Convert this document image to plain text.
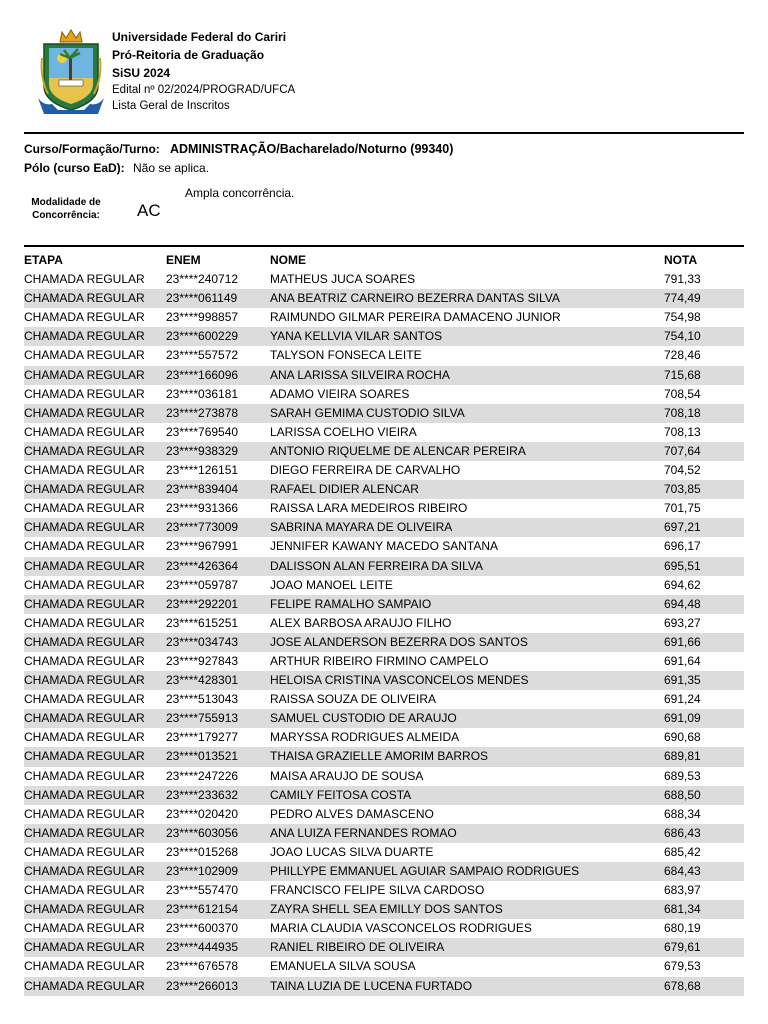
Universidade Federal do Cariri
Pró-Reitoria de Graduação
SiSU 2024
Edital nº 02/2024/PROGRAD/UFCA
Lista Geral de Inscritos
Curso/Formação/Turno: ADMINISTRAÇÃO/Bacharelado/Noturno (99340)
Pólo (curso EaD): Não se aplica.
Modalidade de Concorrência:	AC
Ampla concorrência.
ETAPA	ENEM	NOME	NOTA
CHAMADA REGULAR 23****240712	MATHEUS JUCA SOARES	791,33
CHAMADA REGULAR 23****061149	ANA BEATRIZ CARNEIRO BEZERRA DANTAS SILVA	774,49
CHAMADA REGULAR 23****998857	RAIMUNDO GILMAR PEREIRA DAMACENO JUNIOR	754,98
CHAMADA REGULAR 23****600229	YANA KELLVIA VILAR SANTOS	754,10
CHAMADA REGULAR 23****557572	TALYSON FONSECA LEITE	728,46
CHAMADA REGULAR 23****166096	ANA LARISSA SILVEIRA ROCHA	715,68
CHAMADA REGULAR 23****036181	ADAMO VIEIRA SOARES	708,54
CHAMADA REGULAR 23****273878	SARAH GEMIMA CUSTODIO SILVA	708,18
CHAMADA REGULAR 23****769540	LARISSA COELHO VIEIRA	708,13
CHAMADA REGULAR 23****938329	ANTONIO RIQUELME DE ALENCAR PEREIRA	707,64
CHAMADA REGULAR 23****126151	DIEGO FERREIRA DE CARVALHO	704,52
CHAMADA REGULAR 23****839404	RAFAEL DIDIER ALENCAR	703,85
CHAMADA REGULAR 23****931366	RAISSA LARA MEDEIROS RIBEIRO	701,75
CHAMADA REGULAR 23****773009	SABRINA MAYARA DE OLIVEIRA	697,21
CHAMADA REGULAR 23****967991	JENNIFER KAWANY MACEDO SANTANA	696,17
CHAMADA REGULAR 23****426364	DALISSON ALAN FERREIRA DA SILVA	695,51
CHAMADA REGULAR 23****059787	JOAO MANOEL LEITE	694,62
CHAMADA REGULAR 23****292201	FELIPE RAMALHO SAMPAIO	694,48
CHAMADA REGULAR 23****615251	ALEX BARBOSA ARAUJO FILHO	693,27
CHAMADA REGULAR 23****034743	JOSE ALANDERSON BEZERRA DOS SANTOS	691,66
CHAMADA REGULAR 23****927843	ARTHUR RIBEIRO FIRMINO CAMPELO	691,64
CHAMADA REGULAR 23****428301	HELOISA CRISTINA VASCONCELOS MENDES	691,35
CHAMADA REGULAR 23****513043	RAISSA SOUZA DE OLIVEIRA	691,24
CHAMADA REGULAR 23****755913	SAMUEL CUSTODIO DE ARAUJO	691,09
CHAMADA REGULAR 23****179277	MARYSSA RODRIGUES ALMEIDA	690,68
CHAMADA REGULAR 23****013521	THAISA GRAZIELLE AMORIM BARROS	689,81
CHAMADA REGULAR 23****247226	MAISA ARAUJO DE SOUSA	689,53
CHAMADA REGULAR 23****233632	CAMILY FEITOSA COSTA	688,50
CHAMADA REGULAR 23****020420	PEDRO ALVES DAMASCENO	688,34
CHAMADA REGULAR 23****603056	ANA LUIZA FERNANDES ROMAO	686,43
CHAMADA REGULAR 23****015268	JOAO LUCAS SILVA DUARTE	685,42
CHAMADA REGULAR 23****102909	PHILLYPE EMMANUEL AGUIAR SAMPAIO RODRIGUES	684,43
CHAMADA REGULAR 23****557470	FRANCISCO FELIPE SILVA CARDOSO	683,97
CHAMADA REGULAR 23****612154	ZAYRA SHELL SEA EMILLY DOS SANTOS	681,34
CHAMADA REGULAR 23****600370	MARIA CLAUDIA VASCONCELOS RODRIGUES	680,19
CHAMADA REGULAR 23****444935	RANIEL RIBEIRO DE OLIVEIRA	679,61
CHAMADA REGULAR 23****676578	EMANUELA SILVA SOUSA	679,53
CHAMADA REGULAR 23****266013	TAINA LUZIA DE LUCENA FURTADO	678,68
